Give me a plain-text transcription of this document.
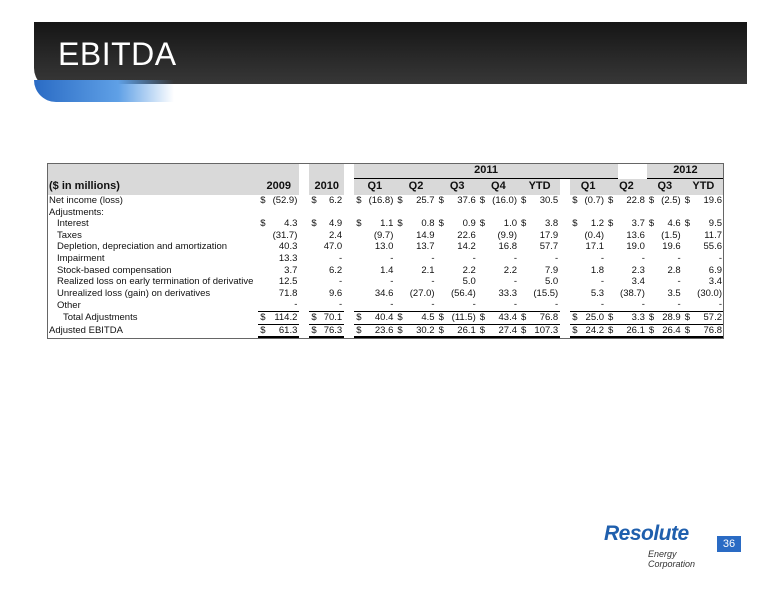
EBITDA
							2011															2012			
($ in millions)	2009			2010			Q1		Q2		Q3		Q4		YTD			Q1		Q2		Q3		YTD	
Net income (loss)	$	(52.9)		$	6.2		$	(16.8)	$	25.7	$	37.6	$	(16.0)	$	30.5		$	(0.7)	$	22.8	$	(2.5)	$	19.6
Adjustments:																									
Interest	$	4.3		$	4.9		$	1.1	$	0.8	$	0.9	$	1.0	$	3.8		$	1.2	$	3.7	$	4.6	$	9.5
Taxes		(31.7)			2.4			(9.7)		14.9		22.6		(9.9)		17.9			(0.4)		13.6		(1.5)		11.7
Depletion, depreciation and amortization		40.3			47.0			13.0		13.7		14.2		16.8		57.7			17.1		19.0		19.6		55.6
Impairment		13.3			-			-		-		-		-		-			-		-		-		-
Stock-based compensation		3.7			6.2			1.4		2.1		2.2		2.2		7.9			1.8		2.3		2.8		6.9
Realized loss on early termination of derivative		12.5			-			-		-		5.0		-		5.0			-		3.4		-		3.4
Unrealized loss (gain) on derivatives		71.8			9.6			34.6		(27.0)		(56.4)		33.3		(15.5)			5.3		(38.7)		3.5		(30.0)
Other		-			-			-		-		-		-		-			-		-		-		-
Total Adjustments	$	114.2		$	70.1		$	40.4	$	4.5	$	(11.5)	$	43.4	$	76.8		$	25.0	$	3.3	$	28.9	$	57.2
Adjusted EBITDA	$	61.3		$	76.3		$	23.6	$	30.2	$	26.1	$	27.4	$	107.3		$	24.2	$	26.1	$	26.4	$	76.8
Resolute
Energy Corporation
36
